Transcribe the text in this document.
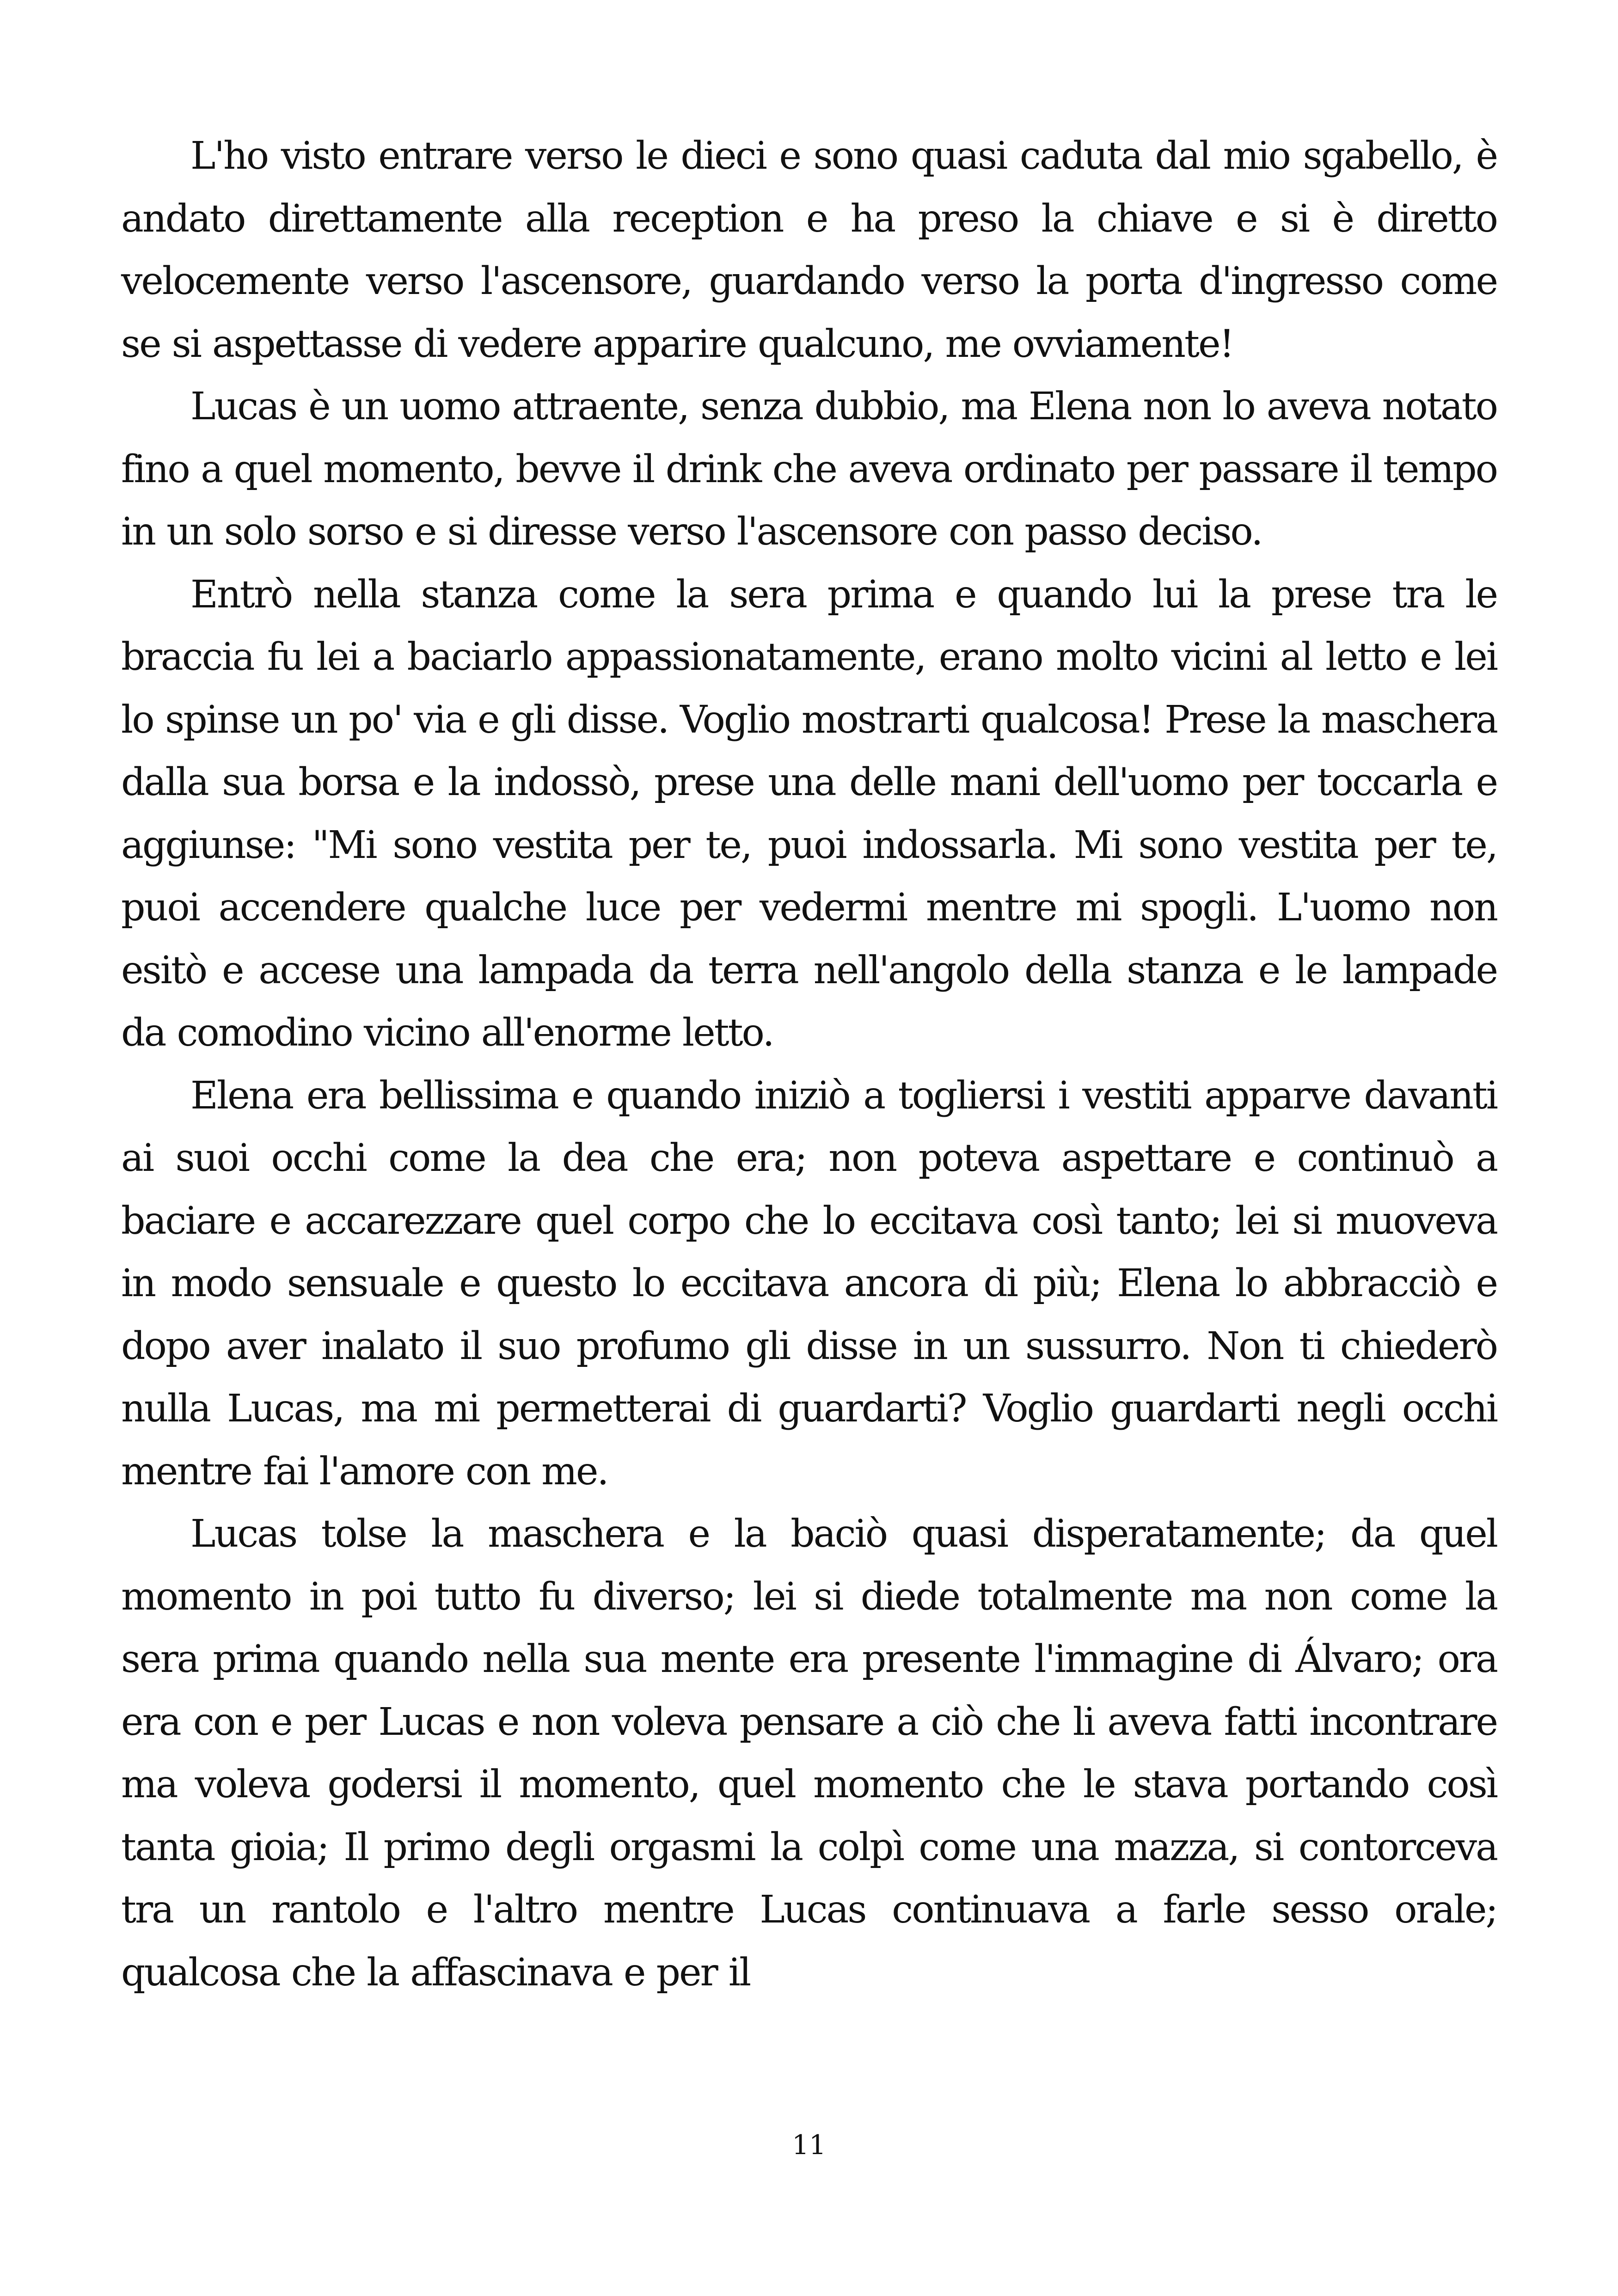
L'ho visto entrare verso le dieci e sono quasi caduta dal mio sgabello, è andato direttamente alla reception e ha preso la chiave e si è diretto velocemente verso l'ascensore, guardando verso la porta d'ingresso come se si aspettasse di vedere apparire qualcuno, me ovviamente!

Lucas è un uomo attraente, senza dubbio, ma Elena non lo aveva notato fino a quel momento, bevve il drink che aveva ordinato per passare il tempo in un solo sorso e si diresse verso l'ascensore con passo deciso.

Entrò nella stanza come la sera prima e quando lui la prese tra le braccia fu lei a baciarlo appassionatamente, erano molto vicini al letto e lei lo spinse un po' via e gli disse. Voglio mostrarti qualcosa! Prese la maschera dalla sua borsa e la indossò, prese una delle mani dell'uomo per toccarla e aggiunse: "Mi sono vestita per te, puoi indossarla. Mi sono vestita per te, puoi accendere qualche luce per vedermi mentre mi spogli. L'uomo non esitò e accese una lampada da terra nell'angolo della stanza e le lampade da comodino vicino all'enorme letto.

Elena era bellissima e quando iniziò a togliersi i vestiti apparve davanti ai suoi occhi come la dea che era; non poteva aspettare e continuò a baciare e accarezzare quel corpo che lo eccitava così tanto; lei si muoveva in modo sensuale e questo lo eccitava ancora di più; Elena lo abbracciò e dopo aver inalato il suo profumo gli disse in un sussurro. Non ti chiederò nulla Lucas, ma mi permetterai di guardarti? Voglio guardarti negli occhi mentre fai l'amore con me.

Lucas tolse la maschera e la baciò quasi disperatamente; da quel momento in poi tutto fu diverso; lei si diede totalmente ma non come la sera prima quando nella sua mente era presente l'immagine di Álvaro; ora era con e per Lucas e non voleva pensare a ciò che li aveva fatti incontrare ma voleva godersi il momento, quel momento che le stava portando così tanta gioia; Il primo degli orgasmi la colpì come una mazza, si contorceva tra un rantolo e l'altro mentre Lucas continuava a farle sesso orale; qualcosa che la affascinava e per il

11
